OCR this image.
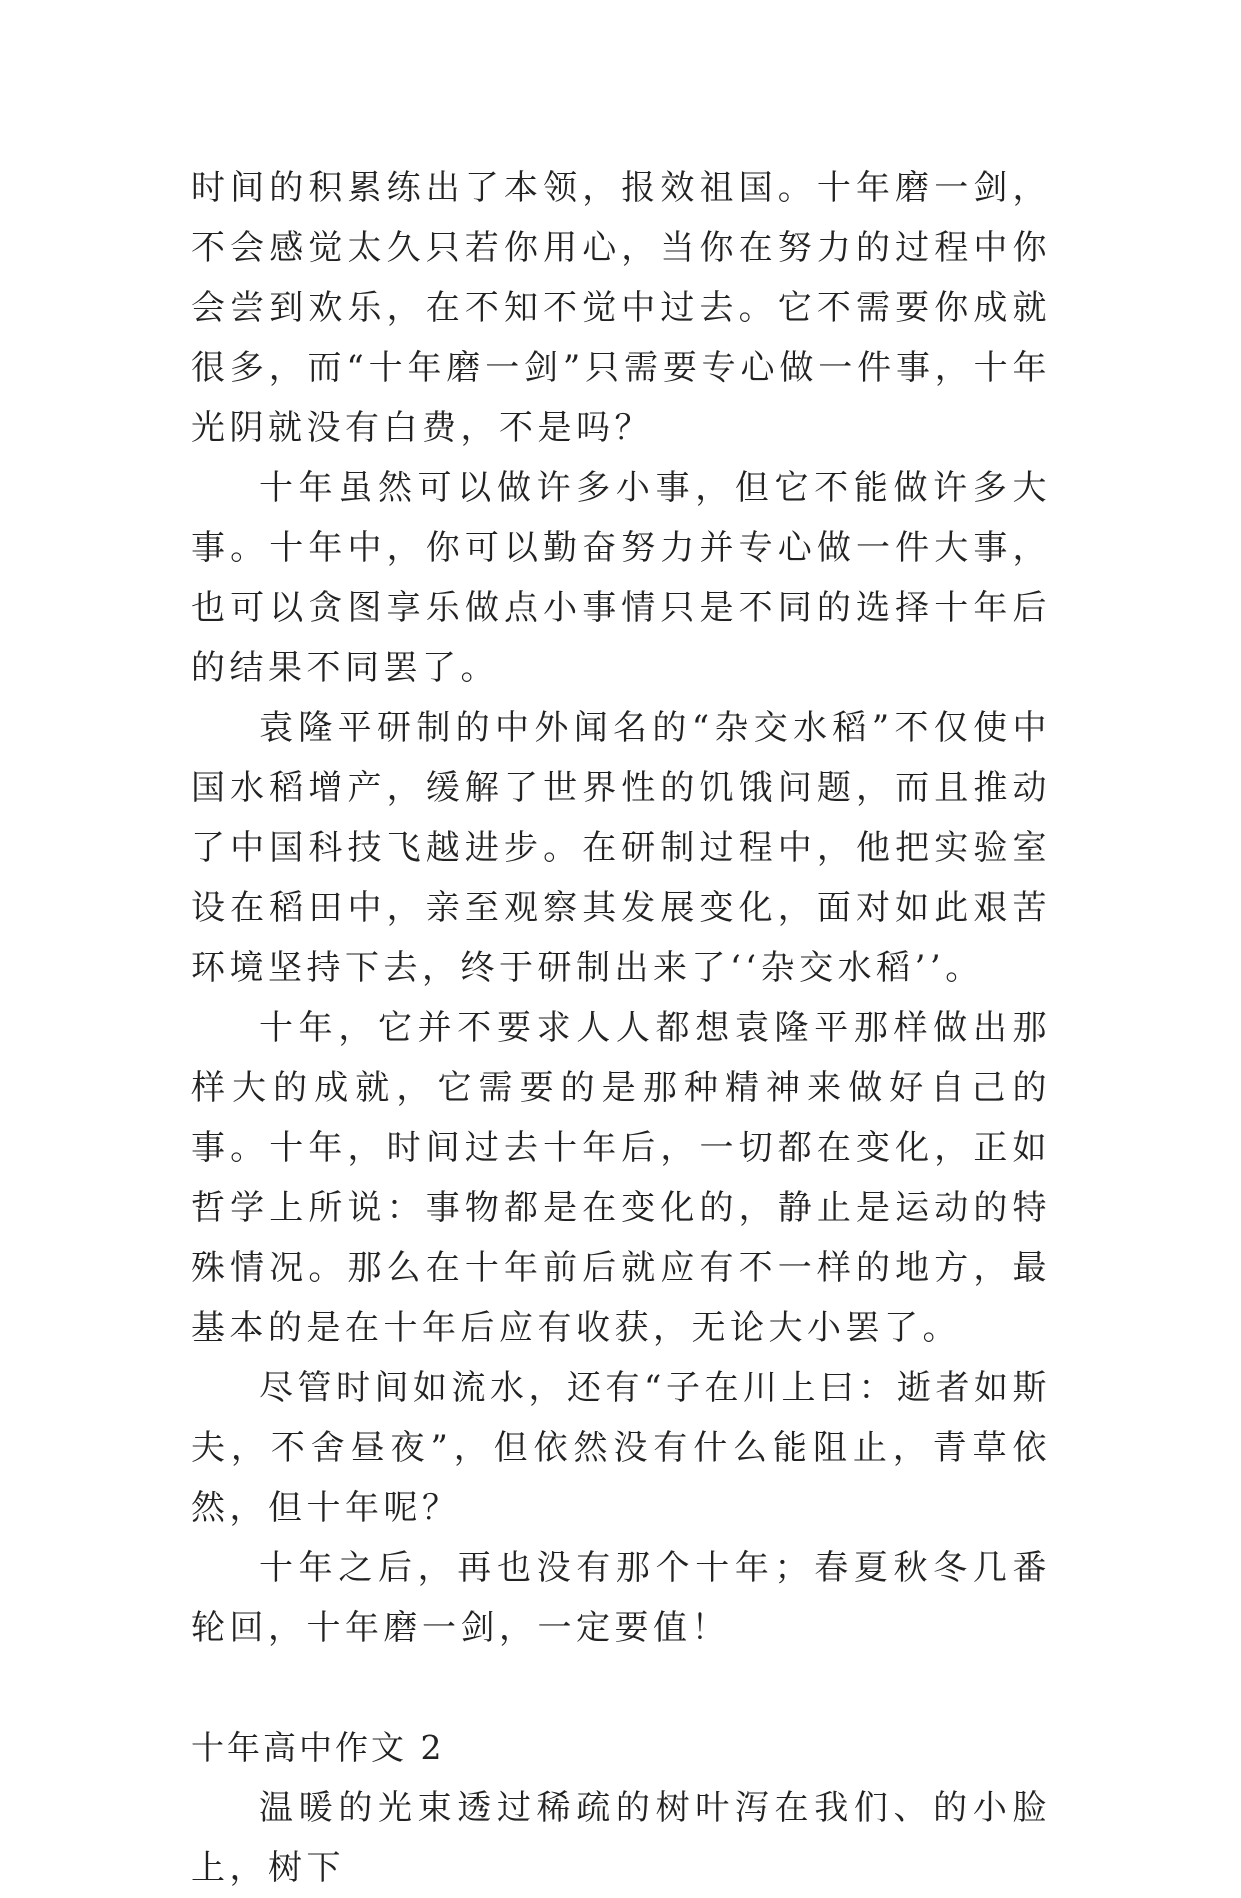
时间的积累练出了本领，报效祖国。十年磨一剑，不会感觉太久只若你用心，当你在努力的过程中你会尝到欢乐，在不知不觉中过去。它不需要你成就很多，而“十年磨一剑”只需要专心做一件事，十年光阴就没有白费，不是吗？

十年虽然可以做许多小事，但它不能做许多大事。十年中，你可以勤奋努力并专心做一件大事，也可以贪图享乐做点小事情只是不同的选择十年后的结果不同罢了。

袁隆平研制的中外闻名的“杂交水稻”不仅使中国水稻增产，缓解了世界性的饥饿问题，而且推动了中国科技飞越进步。在研制过程中，他把实验室设在稻田中，亲至观察其发展变化，面对如此艰苦环境坚持下去，终于研制出来了‘‘杂交水稻’’。

十年，它并不要求人人都想袁隆平那样做出那样大的成就，它需要的是那种精神来做好自己的事。十年，时间过去十年后，一切都在变化，正如哲学上所说：事物都是在变化的，静止是运动的特殊情况。那么在十年前后就应有不一样的地方，最基本的是在十年后应有收获，无论大小罢了。

尽管时间如流水，还有“子在川上曰：逝者如斯夫，不舍昼夜”，但依然没有什么能阻止，青草依然，但十年呢？

十年之后，再也没有那个十年；春夏秋冬几番轮回，十年磨一剑，一定要值！

十年高中作文 2

温暖的光束透过稀疏的树叶泻在我们、的小脸上，树下
